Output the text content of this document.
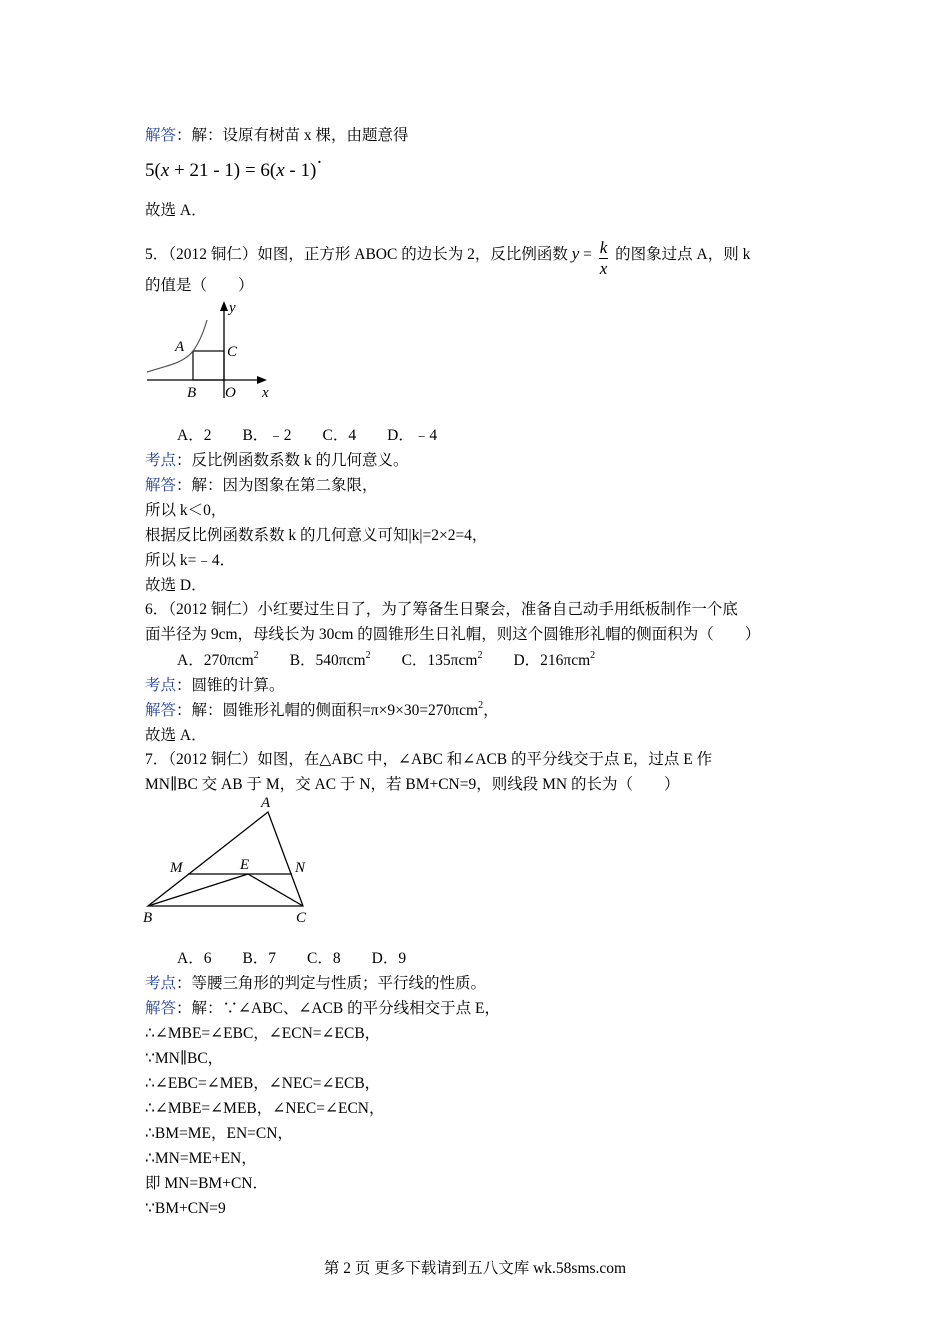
解答：解：设原有树苗 x 棵，由题意得
5(x + 21 - 1) = 6(x - 1)·
故选 A．
5．（2012 铜仁）如图，正方形 ABOC 的边长为 2，反比例函数 $y = \frac{k}{x}$ 的图象过点 A，则 k
的值是（　　）
A
B
C
O x
y
A．2　　B．﹣2　　C．4　　D．﹣4
考点：反比例函数系数 k 的几何意义。
解答：解：因为图象在第二象限，
所以 k＜0，
根据反比例函数系数 k 的几何意义可知|k|=2×2=4，
所以 k=﹣4．
故选 D．
6．（2012 铜仁）小红要过生日了，为了筹备生日聚会，准备自己动手用纸板制作一个底
面半径为 9cm，母线长为 30cm 的圆锥形生日礼帽，则这个圆锥形礼帽的侧面积为（　　）
A．270πcm$^2$　　B．540πcm$^2$　　C．135πcm$^2$　　D．216πcm$^2$
考点：圆锥的计算。
解答：解：圆锥形礼帽的侧面积=π×9×30=270πcm$^2$，
故选 A．
7．（2012 铜仁）如图，在△ABC 中，∠ABC 和∠ACB 的平分线交于点 E，过点 E 作
MN∥BC 交 AB 于 M，交 AC 于 N，若 BM+CN=9，则线段 MN 的长为（　　）
A
B	C
M	N
E
A．6　　B．7　　C．8　　D．9
考点：等腰三角形的判定与性质；平行线的性质。
解答：解：∵∠ABC、∠ACB 的平分线相交于点 E，
∴∠MBE=∠EBC，∠ECN=∠ECB，
∵MN∥BC，
∴∠EBC=∠MEB，∠NEC=∠ECB，
∴∠MBE=∠MEB，∠NEC=∠ECN，
∴BM=ME，EN=CN，
∴MN=ME+EN，
即 MN=BM+CN．
∵BM+CN=9
第 2 页 更多下载请到五八文库 wk.58sms.com
